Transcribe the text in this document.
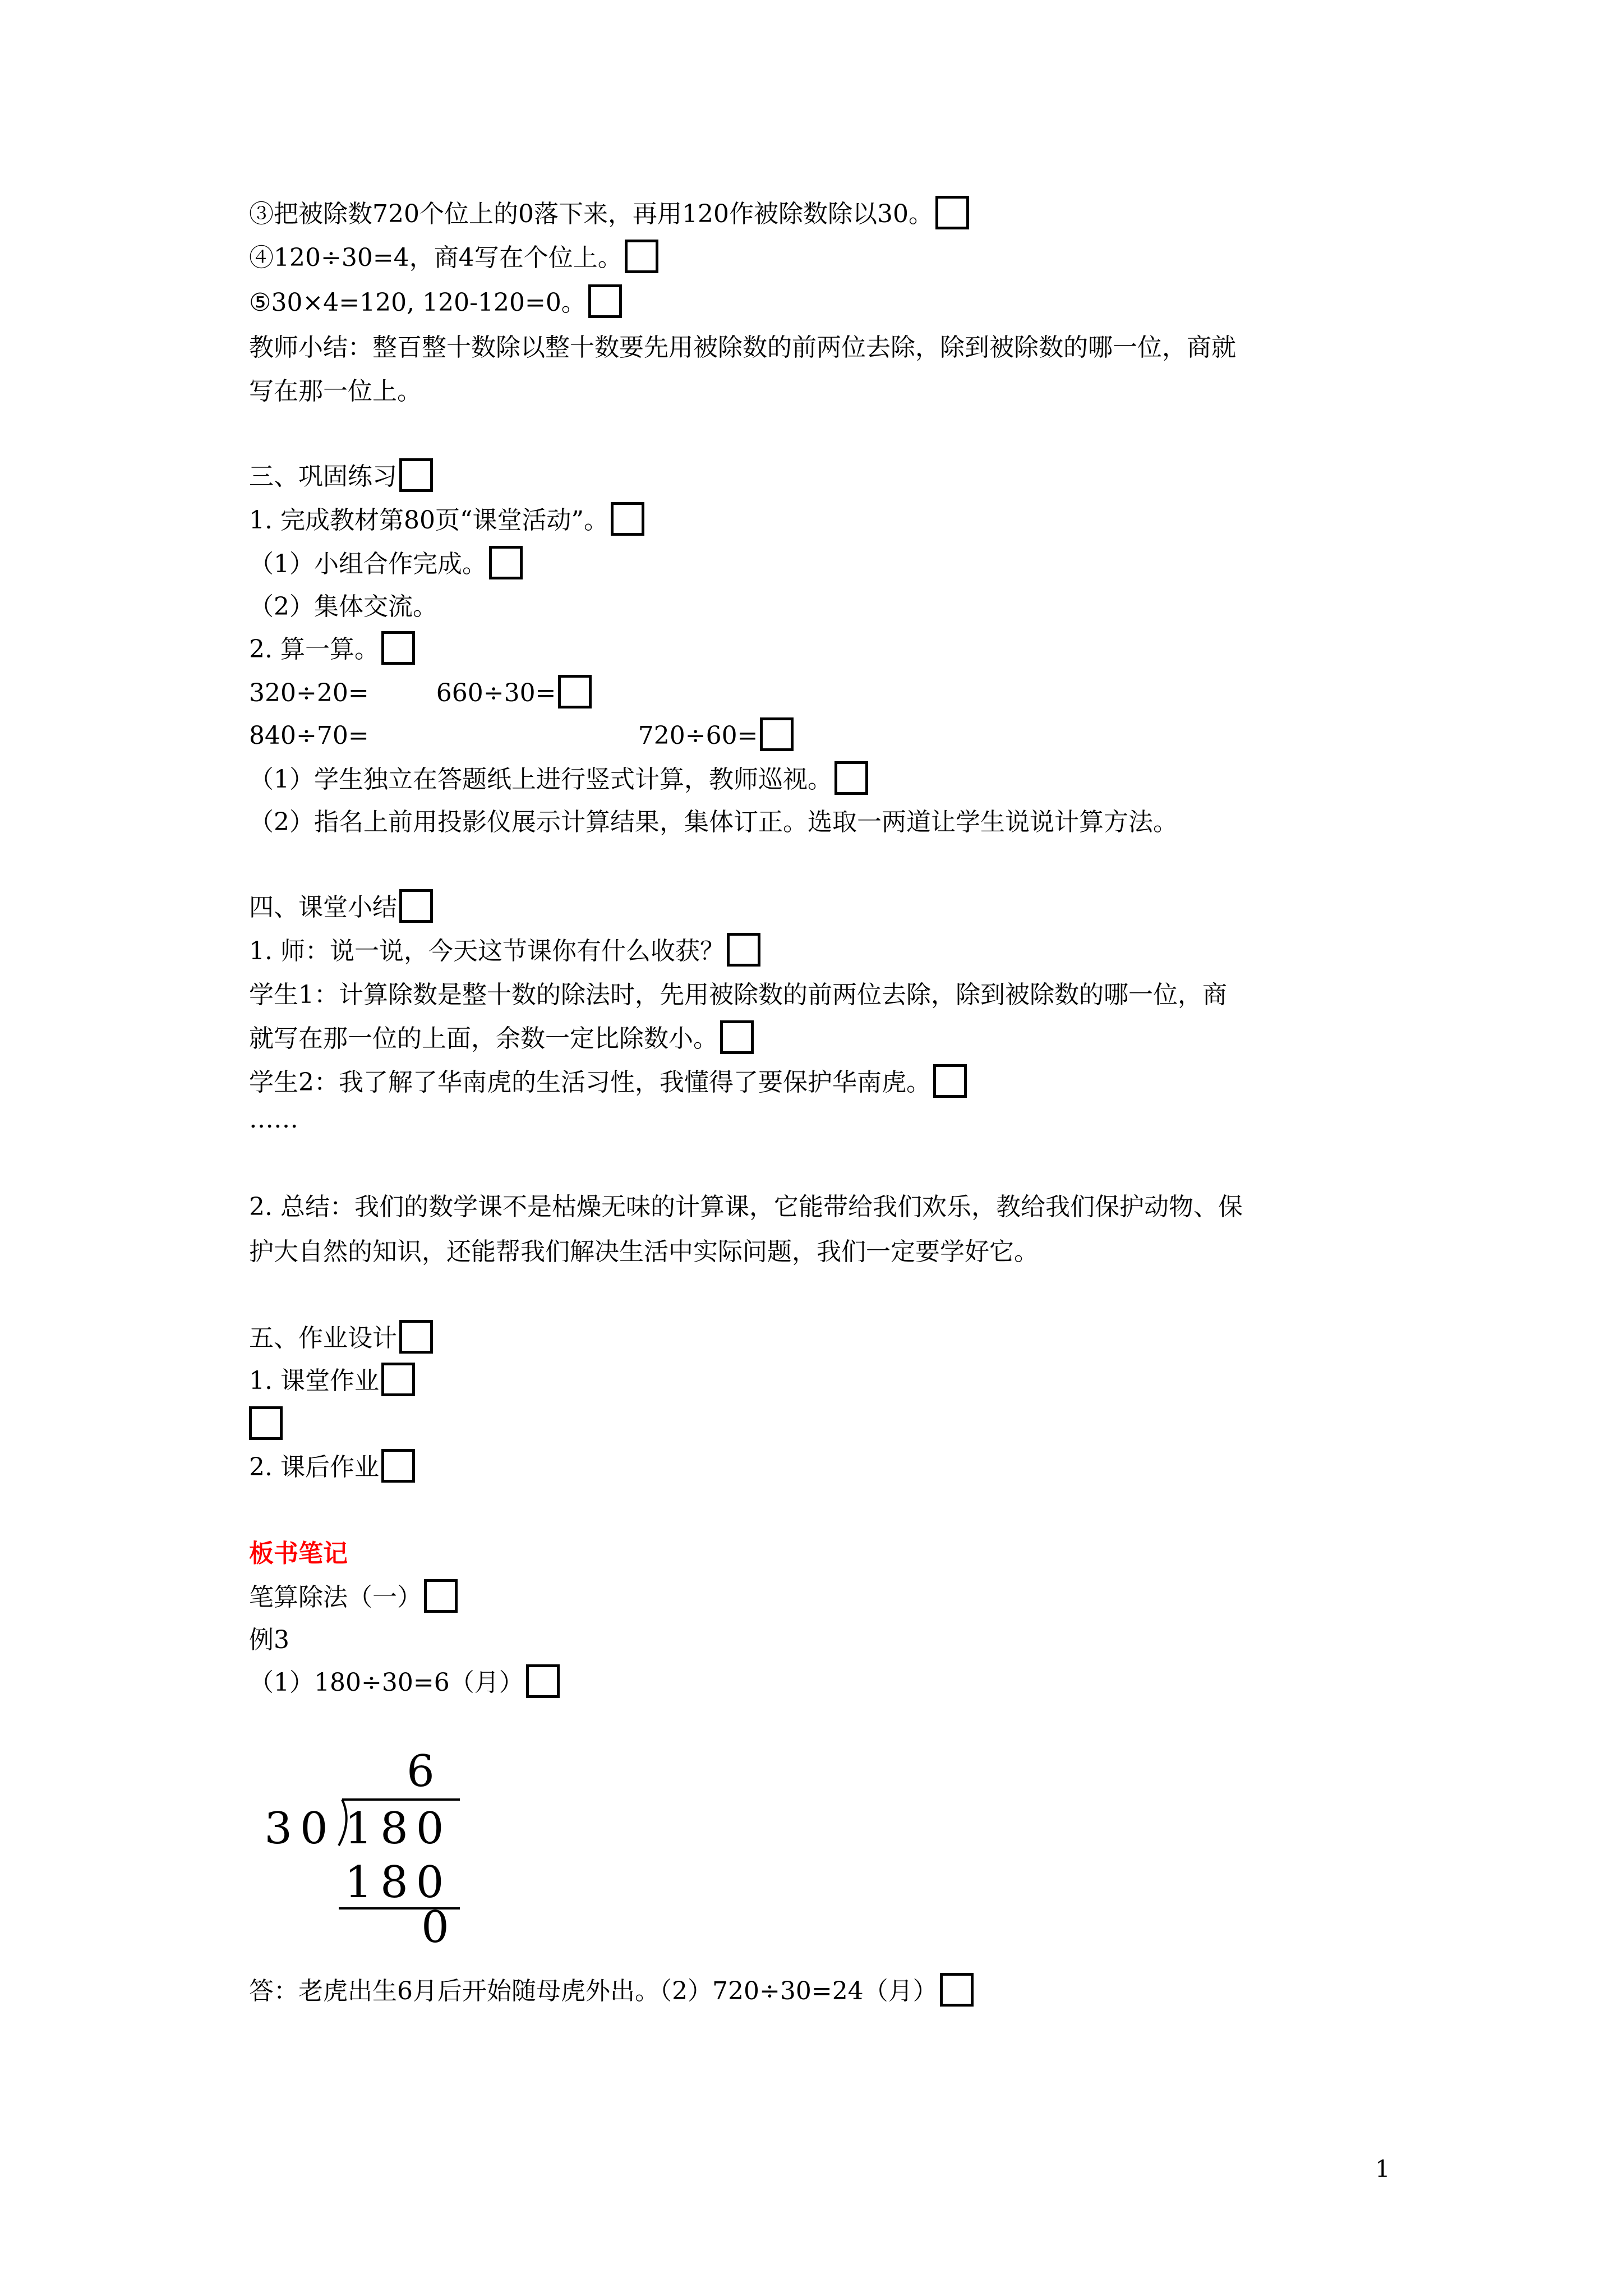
③把被除数720个位上的0落下来，再用120作被除数除以30。
④120÷30=4，商4写在个位上。
⑤30×4=120, 120-120=0。
教师小结：整百整十数除以整十数要先用被除数的前两位去除，除到被除数的哪一位，商就
写在那一位上。
三、巩固练习
1. 完成教材第80页“课堂活动”。
（1）小组合作完成。
（2）集体交流。
2. 算一算。
320÷20=	660÷30=
840÷70=	720÷60=
（1）学生独立在答题纸上进行竖式计算，教师巡视。
（2）指名上前用投影仪展示计算结果，集体订正。选取一两道让学生说说计算方法。
四、课堂小结
1. 师：说一说，今天这节课你有什么收获？
学生1：计算除数是整十数的除法时，先用被除数的前两位去除，除到被除数的哪一位，商
就写在那一位的上面，余数一定比除数小。
学生2：我了解了华南虎的生活习性，我懂得了要保护华南虎。
……
2. 总结：我们的数学课不是枯燥无味的计算课，它能带给我们欢乐，教给我们保护动物、保
护大自然的知识，还能帮我们解决生活中实际问题，我们一定要学好它。
五、作业设计
1. 课堂作业
2. 课后作业
板书笔记
笔算除法（一）
例3
（1）180÷30=6（月）
6
30 180
180
0
答：老虎出生6月后开始随母虎外出。（2）720÷30=24（月）
1
